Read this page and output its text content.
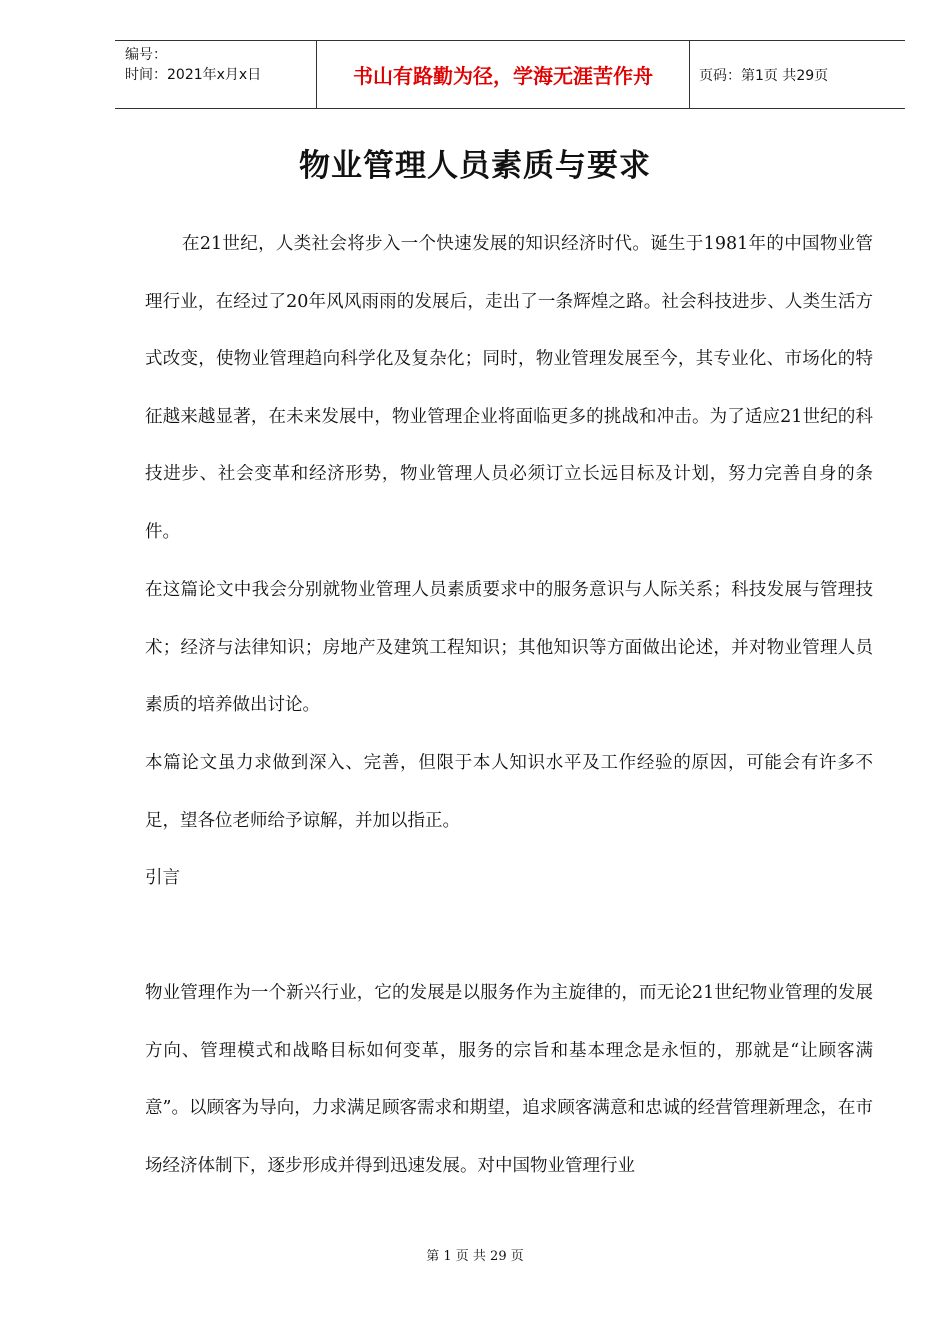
编号：
时间：2021年x月x日	书山有路勤为径，学海无涯苦作舟	页码：第1页 共29页
物业管理人员素质与要求

在21世纪，人类社会将步入一个快速发展的知识经济时代。诞生于1981年的中国物业管理行业，在经过了20年风风雨雨的发展后，走出了一条辉煌之路。社会科技进步、人类生活方式改变，使物业管理趋向科学化及复杂化；同时，物业管理发展至今，其专业化、市场化的特征越来越显著，在未来发展中，物业管理企业将面临更多的挑战和冲击。为了适应21世纪的科技进步、社会变革和经济形势，物业管理人员必须订立长远目标及计划，努力完善自身的条件。

在这篇论文中我会分别就物业管理人员素质要求中的服务意识与人际关系；科技发展与管理技术；经济与法律知识；房地产及建筑工程知识；其他知识等方面做出论述，并对物业管理人员素质的培养做出讨论。

本篇论文虽力求做到深入、完善，但限于本人知识水平及工作经验的原因，可能会有许多不足，望各位老师给予谅解，并加以指正。

引言

物业管理作为一个新兴行业，它的发展是以服务作为主旋律的，而无论21世纪物业管理的发展方向、管理模式和战略目标如何变革，服务的宗旨和基本理念是永恒的，那就是“让顾客满意”。以顾客为导向，力求满足顾客需求和期望，追求顾客满意和忠诚的经营管理新理念，在市场经济体制下，逐步形成并得到迅速发展。对中国物业管理行业

第 1 页 共 29 页
